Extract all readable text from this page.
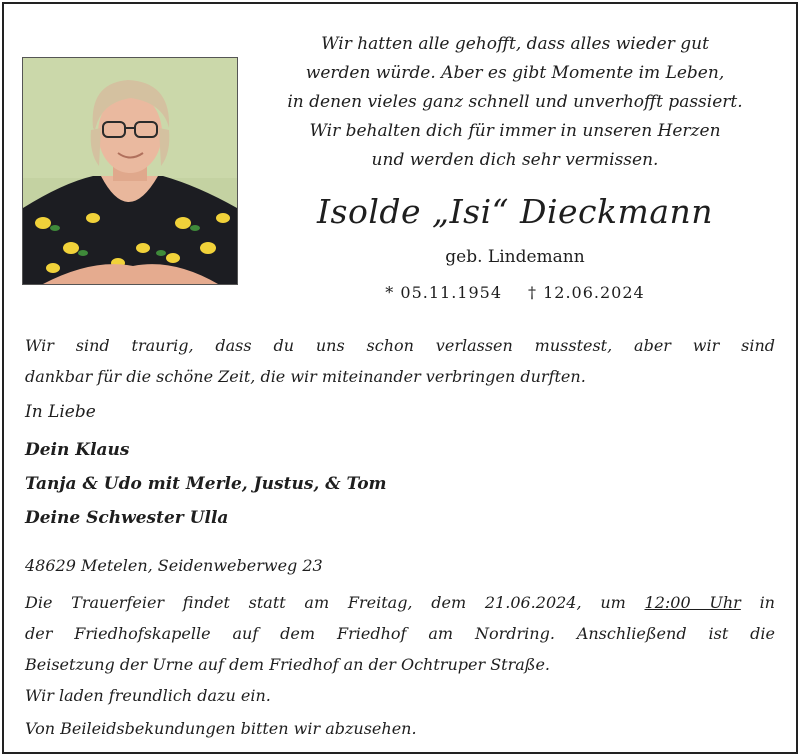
Wir hatten alle gehofft, dass alles wieder gut
werden würde. Aber es gibt Momente im Leben,
in denen vieles ganz schnell und unverhofft passiert.
Wir behalten dich für immer in unseren Herzen
und werden dich sehr vermissen.
Isolde „Isi“ Dieckmann
geb. Lindemann
* 05.11.1954 † 12.06.2024
Wir sind traurig, dass du uns schon verlassen musstest, aber wir sind
dankbar für die schöne Zeit, die wir miteinander verbringen durften.
In Liebe
Dein Klaus
Tanja & Udo mit Merle, Justus, & Tom
Deine Schwester Ulla
48629 Metelen, Seidenweberweg 23
Die Trauerfeier findet statt am Freitag, dem 21.06.2024, um 12:00 Uhr in
der Friedhofskapelle auf dem Friedhof am Nordring. Anschließend ist die
Beisetzung der Urne auf dem Friedhof an der Ochtruper Straße.
Wir laden freundlich dazu ein.
Von Beileidsbekundungen bitten wir abzusehen.
